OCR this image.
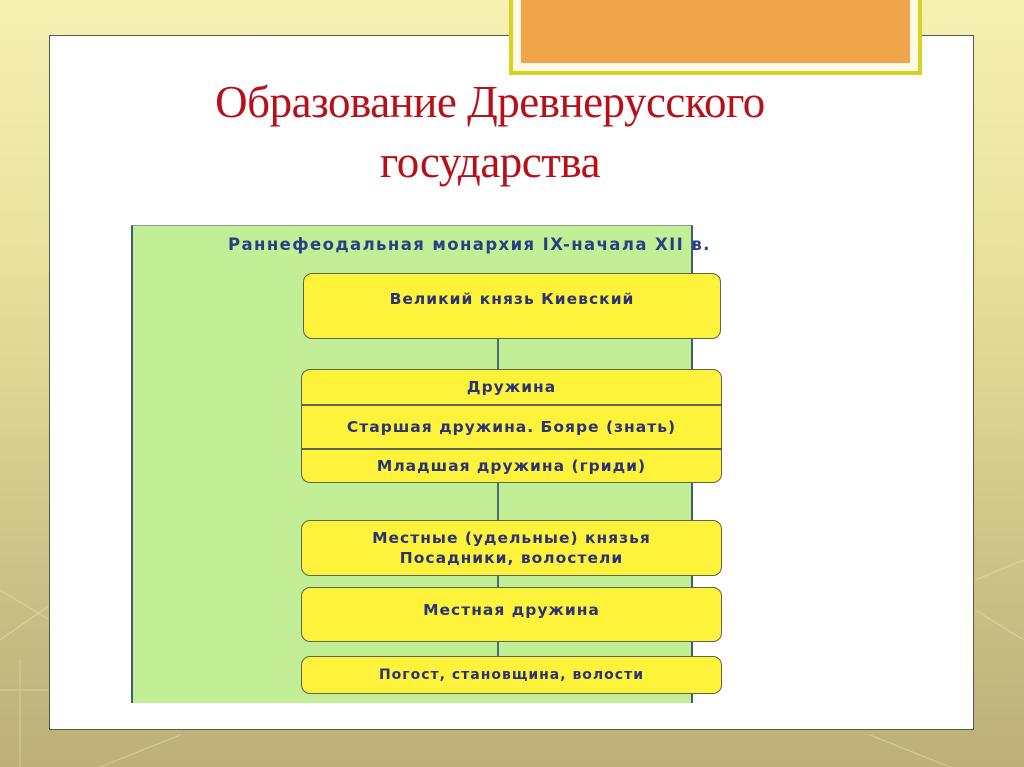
Образование Древнерусского
государства
Раннефеодальная монархия IX-начала XII в.
Великий князь Киевский
Дружина
Старшая дружина. Бояре (знать)
Младшая дружина (гриди)
Местные (удельные) князья
Посадники, волостели
Местная дружина
Погост, становщина, волости
